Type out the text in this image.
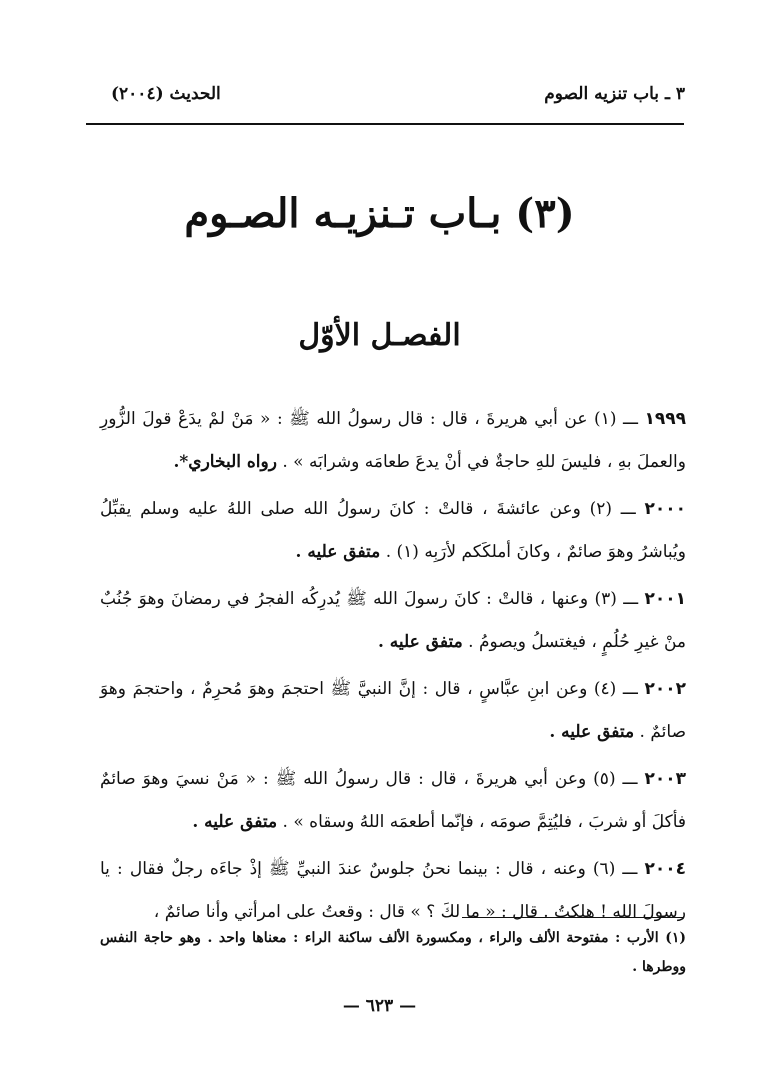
٣ ـ باب تنزيه الصوم
الحديث (٢٠٠٤)
(٣) بـاب تـنزيـه الصـوم
الفصـل الأوّل

١٩٩٩ ـــ (١) عن أبي هريرةَ ، قال : قال رسولُ الله ﷺ : « مَنْ لمْ يدَعْ قولَ الزُّورِ والعملَ بهِ ، فليسَ للهِ حاجةٌ في أنْ يدعَ طعامَه وشرابَه » . رواه البخاري*.

٢٠٠٠ ـــ (٢) وعن عائشةَ ، قالتْ : كانَ رسولُ الله صلى اللهُ عليه وسلم يقبِّلُ ويُباشرُ وهوَ صائمٌ ، وكانَ أملكَكم لأرَبِه (١) . متفق عليه .

٢٠٠١ ـــ (٣) وعنها ، قالتْ : كانَ رسولَ الله ﷺ يُدرِكُه الفجرُ في رمضانَ وهوَ جُنُبٌ منْ غيرِ حُلُمٍ ، فيغتسلُ ويصومُ . متفق عليه .

٢٠٠٢ ـــ (٤) وعن ابنِ عبَّاسٍ ، قال : إنَّ النبيَّ ﷺ احتجمَ وهوَ مُحرِمٌ ، واحتجمَ وهوَ صائمٌ . متفق عليه .

٢٠٠٣ ـــ (٥) وعن أبي هريرةَ ، قال : قال رسولُ الله ﷺ : « مَنْ نسيَ وهوَ صائمٌ فأكلَ أو شربَ ، فليُتِمَّ صومَه ، فإنّما أطعمَه اللهُ وسقاه » . متفق عليه .

٢٠٠٤ ـــ (٦) وعنه ، قال : بينما نحنُ جلوسٌ عندَ النبيِّ ﷺ إذْ جاءَه رجلٌ فقال : يا رسولَ الله ! هلكتُ . قال : « ما لكَ ؟ » قال : وقعتُ على امرأتي وأنا صائمٌ ،

(١) الأرب : مفتوحة الألف والراء ، ومكسورة الألف ساكنة الراء : معناها واحد . وهو حاجة النفس ووطرها .
— ٦٢٣ —
